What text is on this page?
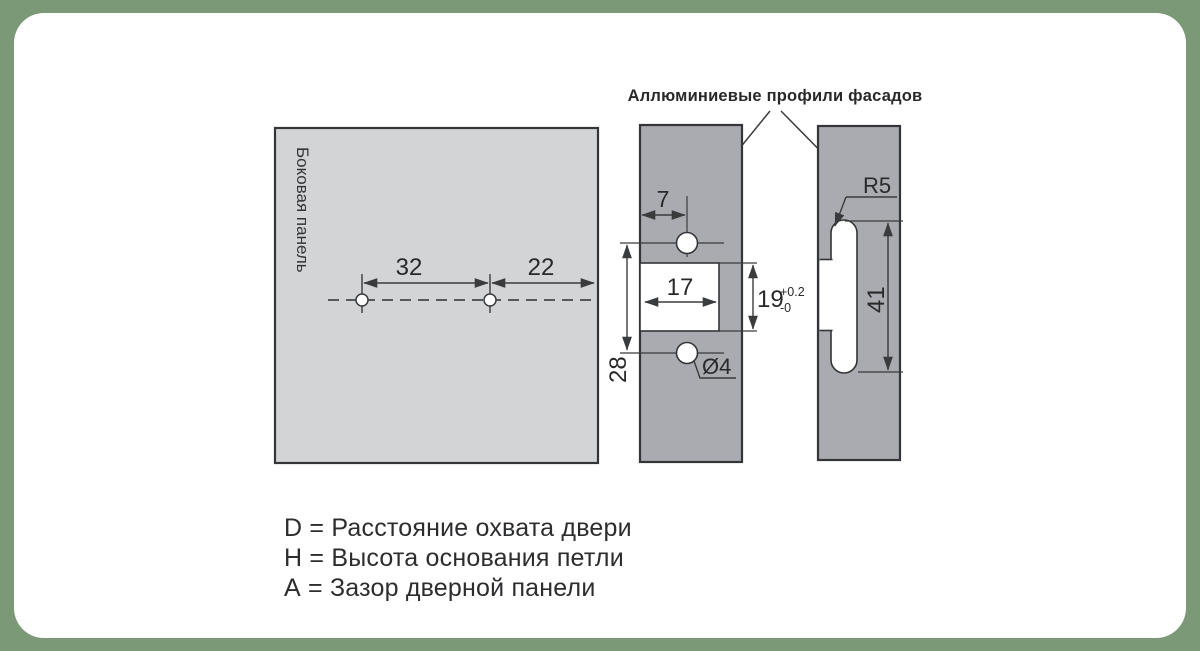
Аллюминиевые профили фасадов
Боковая панель	32	22
19
+0.2
-0
7
17
28	Ø4
41
R5
D = Расстояние охвата двери
Н = Высота основания петли
А = Зазор дверной панели
